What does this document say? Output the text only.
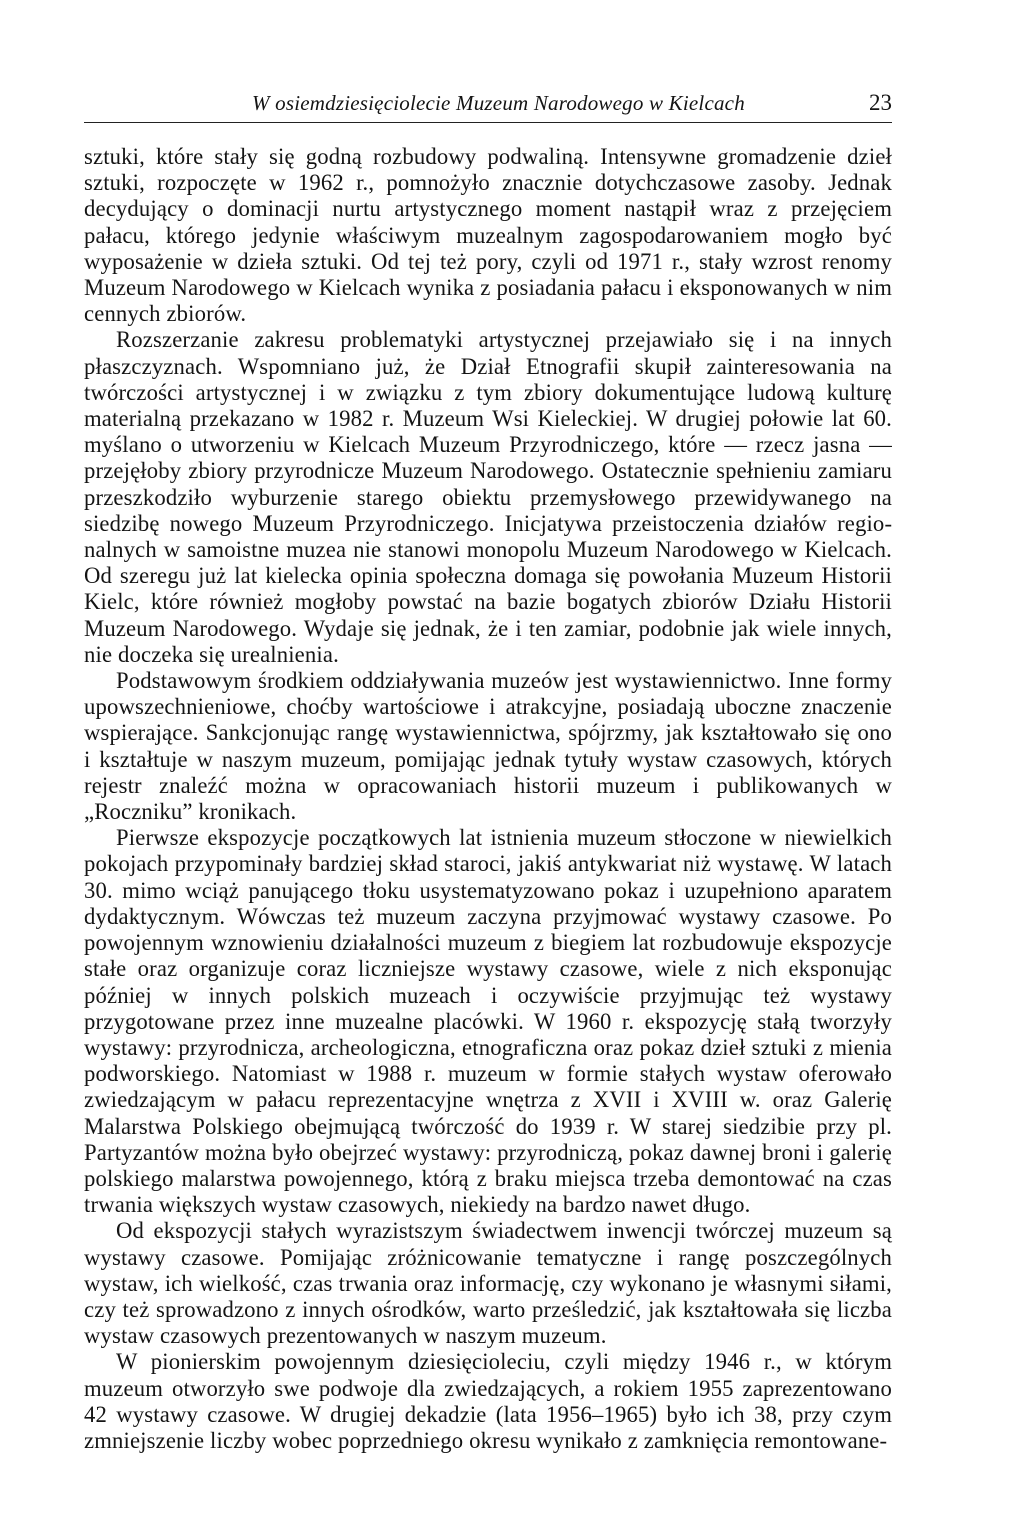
W osiemdziesięciolecie Muzeum Narodowego w Kielcach	23

sztuki, które stały się godną rozbudowy podwaliną. Intensywne gromadzenie dzieł sztuki, rozpoczęte w 1962 r., pomnożyło znacznie dotychczasowe zasoby. Jednak decydujący o dominacji nurtu artystycznego moment nastąpił wraz z przejęciem pałacu, którego jedynie właściwym muzealnym zagospodarowaniem mogło być wyposażenie w dzieła sztuki. Od tej też pory, czyli od 1971 r., stały wzrost renomy Muzeum Narodowego w Kielcach wynika z posiadania pałacu i eksponowanych w nim cennych zbiorów.

Rozszerzanie zakresu problematyki artystycznej przejawiało się i na innych płaszczyznach. Wspomniano już, że Dział Etnografii skupił zainteresowania na twórczości artystycznej i w związku z tym zbiory dokumentujące ludową kulturę materialną przekazano w 1982 r. Muzeum Wsi Kieleckiej. W drugiej połowie lat 60. myślano o utworzeniu w Kielcach Muzeum Przyrodniczego, które — rzecz jasna — przejęłoby zbiory przyrodnicze Muzeum Narodowego. Ostatecznie spełnieniu zamiaru przeszkodziło wyburzenie starego obiektu przemysłowego przewidywanego na siedzibę nowego Muzeum Przyrodniczego. Inicjatywa przeistoczenia działów regionalnych w samoistne muzea nie stanowi monopolu Muzeum Narodowego w Kielcach. Od szeregu już lat kielecka opinia społeczna domaga się powołania Muzeum Historii Kielc, które również mogłoby powstać na bazie bogatych zbiorów Działu Historii Muzeum Narodowego. Wydaje się jednak, że i ten zamiar, podobnie jak wiele innych, nie doczeka się urealnienia.

Podstawowym środkiem oddziaływania muzeów jest wystawiennictwo. Inne formy upowszechnieniowe, choćby wartościowe i atrakcyjne, posiadają uboczne znaczenie wspierające. Sankcjonując rangę wystawiennictwa, spójrzmy, jak kształtowało się ono i kształtuje w naszym muzeum, pomijając jednak tytuły wystaw czasowych, których rejestr znaleźć można w opracowaniach historii muzeum i publikowanych w „Roczniku” kronikach.

Pierwsze ekspozycje początkowych lat istnienia muzeum stłoczone w niewielkich pokojach przypominały bardziej skład staroci, jakiś antykwariat niż wystawę. W latach 30. mimo wciąż panującego tłoku usystematyzowano pokaz i uzupełniono aparatem dydaktycznym. Wówczas też muzeum zaczyna przyjmować wystawy czasowe. Po powojennym wznowieniu działalności muzeum z biegiem lat rozbudowuje ekspozycje stałe oraz organizuje coraz liczniejsze wystawy czasowe, wiele z nich eksponując później w innych polskich muzeach i oczywiście przyjmując też wystawy przygotowane przez inne muzealne placówki. W 1960 r. ekspozycję stałą tworzyły wystawy: przyrodnicza, archeologiczna, etnograficzna oraz pokaz dzieł sztuki z mienia podworskiego. Natomiast w 1988 r. muzeum w formie stałych wystaw oferowało zwiedzającym w pałacu reprezentacyjne wnętrza z XVII i XVIII w. oraz Galerię Malarstwa Polskiego obejmującą twórczość do 1939 r. W starej siedzibie przy pl. Partyzantów można było obejrzeć wystawy: przyrodniczą, pokaz dawnej broni i galerię polskiego malarstwa powojennego, którą z braku miejsca trzeba demontować na czas trwania większych wystaw czasowych, niekiedy na bardzo nawet długo.

Od ekspozycji stałych wyrazistszym świadectwem inwencji twórczej muzeum są wystawy czasowe. Pomijając zróżnicowanie tematyczne i rangę poszczególnych wystaw, ich wielkość, czas trwania oraz informację, czy wykonano je własnymi siłami, czy też sprowadzono z innych ośrodków, warto prześledzić, jak kształtowała się liczba wystaw czasowych prezentowanych w naszym muzeum.

W pionierskim powojennym dziesięcioleciu, czyli między 1946 r., w którym muzeum otworzyło swe podwoje dla zwiedzających, a rokiem 1955 zaprezentowano 42 wystawy czasowe. W drugiej dekadzie (lata 1956–1965) było ich 38, przy czym zmniejszenie liczby wobec poprzedniego okresu wynikało z zamknięcia remontowane-
